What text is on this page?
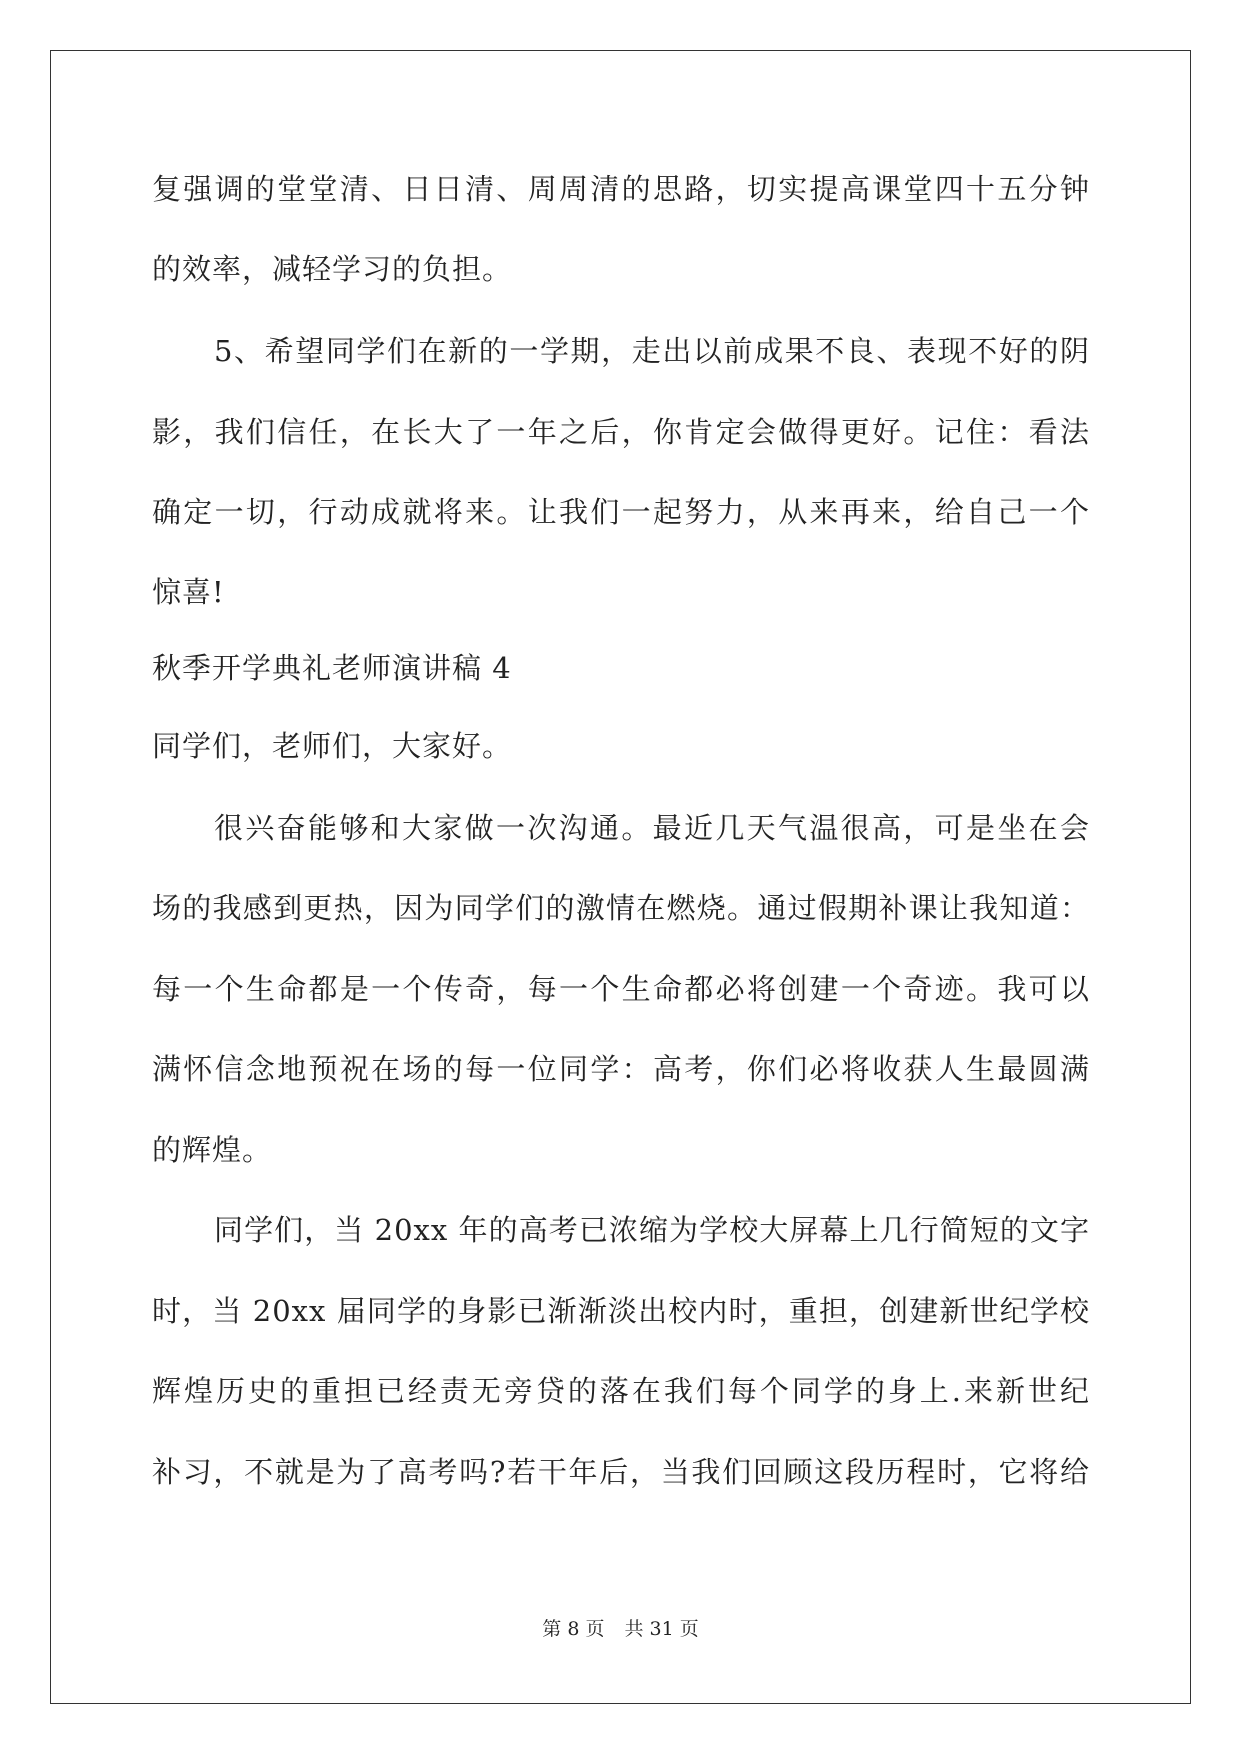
复强调的堂堂清、日日清、周周清的思路，切实提高课堂四十五分钟
的效率，减轻学习的负担。
5、希望同学们在新的一学期，走出以前成果不良、表现不好的阴
影，我们信任，在长大了一年之后，你肯定会做得更好。记住：看法
确定一切，行动成就将来。让我们一起努力，从来再来，给自己一个
惊喜!
秋季开学典礼老师演讲稿 4
同学们，老师们，大家好。
很兴奋能够和大家做一次沟通。最近几天气温很高，可是坐在会
场的我感到更热，因为同学们的激情在燃烧。通过假期补课让我知道：
每一个生命都是一个传奇，每一个生命都必将创建一个奇迹。我可以
满怀信念地预祝在场的每一位同学：高考，你们必将收获人生最圆满
的辉煌。
同学们，当 20xx 年的高考已浓缩为学校大屏幕上几行简短的文字
时，当 20xx 届同学的身影已渐渐淡出校内时，重担，创建新世纪学校
辉煌历史的重担已经责无旁贷的落在我们每个同学的身上.来新世纪
补习，不就是为了高考吗?若干年后，当我们回顾这段历程时，它将给
第 8 页 共 31 页
